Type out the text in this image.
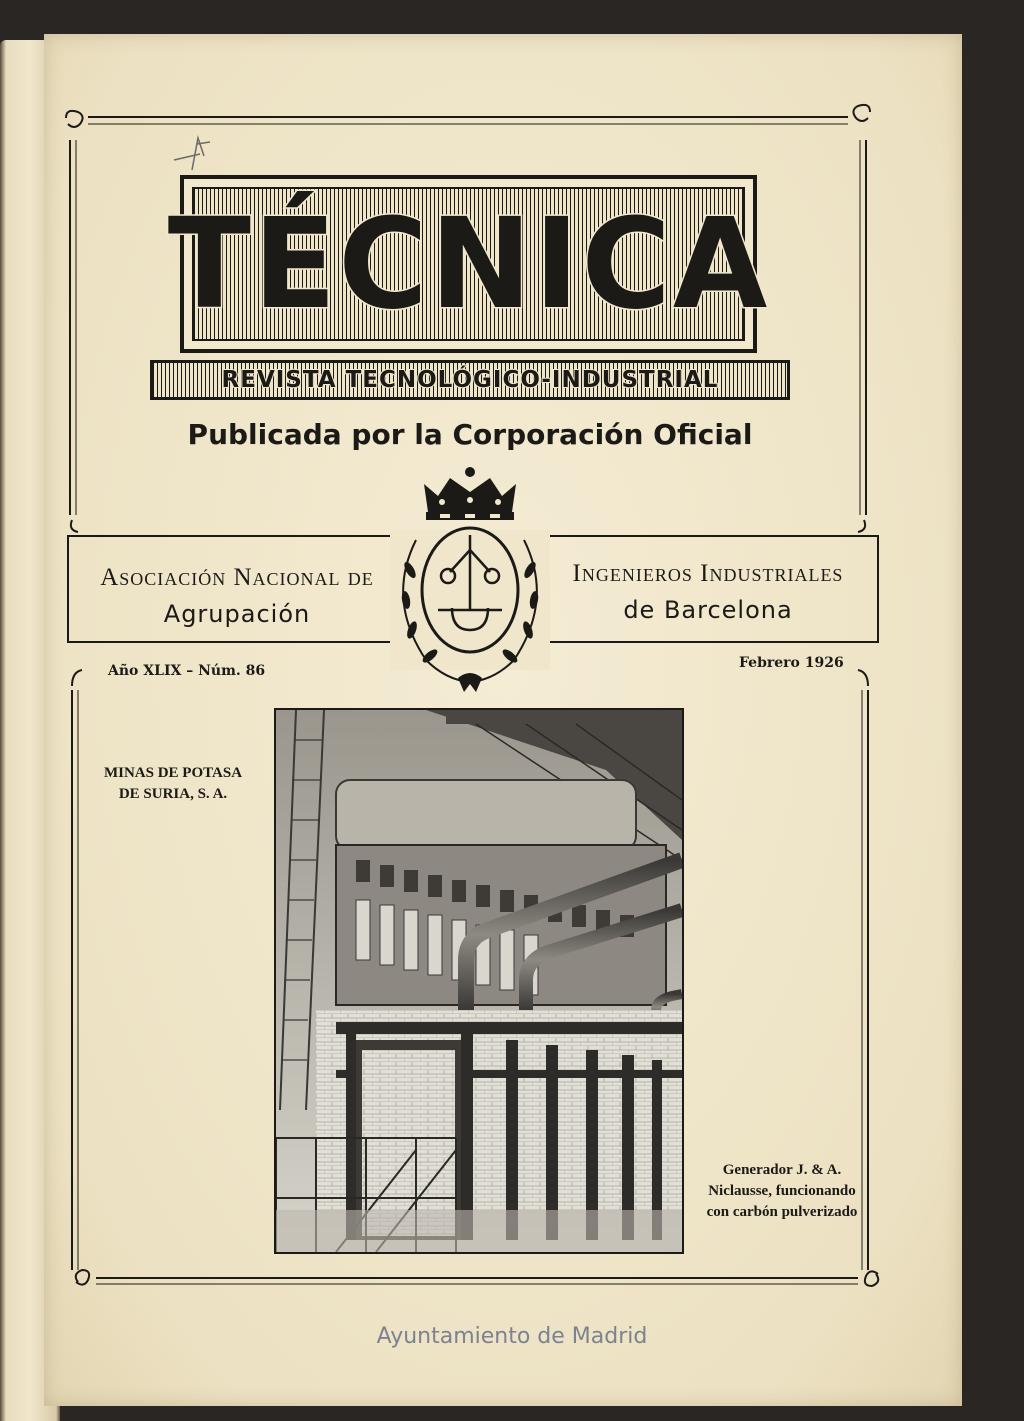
TÉCNICA
REVISTA TECNOLÓGICO-INDUSTRIAL
Publicada por la Corporación Oficial
Asociación Nacional de
Agrupación
Ingenieros Industriales
de Barcelona
Año XLIX – Núm. 86	Febrero 1926
MINAS DE POTASA DE SURIA, S. A.
Generador J. & A. Niclausse, funcionando con carbón pulverizado
Ayuntamiento de Madrid
